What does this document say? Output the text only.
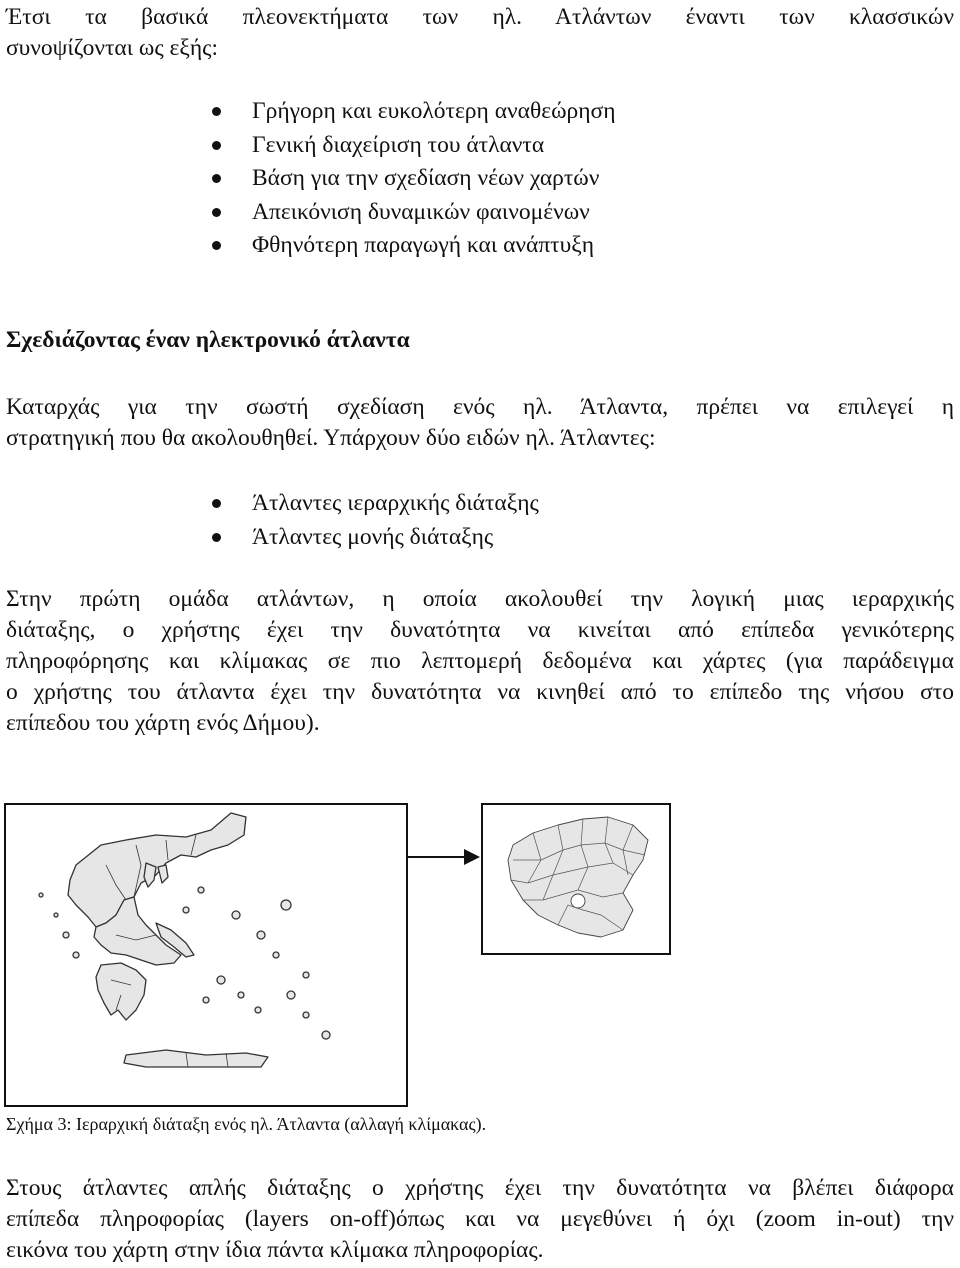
Έτσι τα βασικά πλεονεκτήματα των ηλ. Ατλάντων έναντι των κλασσικών
συνοψίζονται ως εξής:

Γρήγορη και ευκολότερη αναθεώρηση
Γενική διαχείριση του άτλαντα
Βάση για την σχεδίαση νέων χαρτών
Απεικόνιση δυναμικών φαινομένων
Φθηνότερη παραγωγή και ανάπτυξη
Σχεδιάζοντας έναν ηλεκτρονικό άτλαντα

Καταρχάς για την σωστή σχεδίαση ενός ηλ. Άτλαντα, πρέπει να επιλεγεί η
στρατηγική που θα ακολουθηθεί. Υπάρχουν δύο ειδών ηλ. Άτλαντες:

Άτλαντες ιεραρχικής διάταξης
Άτλαντες μονής διάταξης

Στην πρώτη ομάδα ατλάντων, η οποία ακολουθεί την λογική μιας ιεραρχικής
διάταξης, ο χρήστης έχει την δυνατότητα να κινείται από επίπεδα γενικότερης
πληροφόρησης και κλίμακας σε πιο λεπτομερή δεδομένα και χάρτες (για παράδειγμα
ο χρήστης του άτλαντα έχει την δυνατότητα να κινηθεί από το επίπεδο της νήσου στο
επίπεδου του χάρτη ενός Δήμου).

Σχήμα 3: Ιεραρχική διάταξη ενός ηλ. Άτλαντα (αλλαγή κλίμακας).

Στους άτλαντες απλής διάταξης ο χρήστης έχει την δυνατότητα να βλέπει διάφορα
επίπεδα πληροφορίας (layers on-off)όπως και να μεγεθύνει ή όχι (zoom in-out) την
εικόνα του χάρτη στην ίδια πάντα κλίμακα πληροφορίας.
